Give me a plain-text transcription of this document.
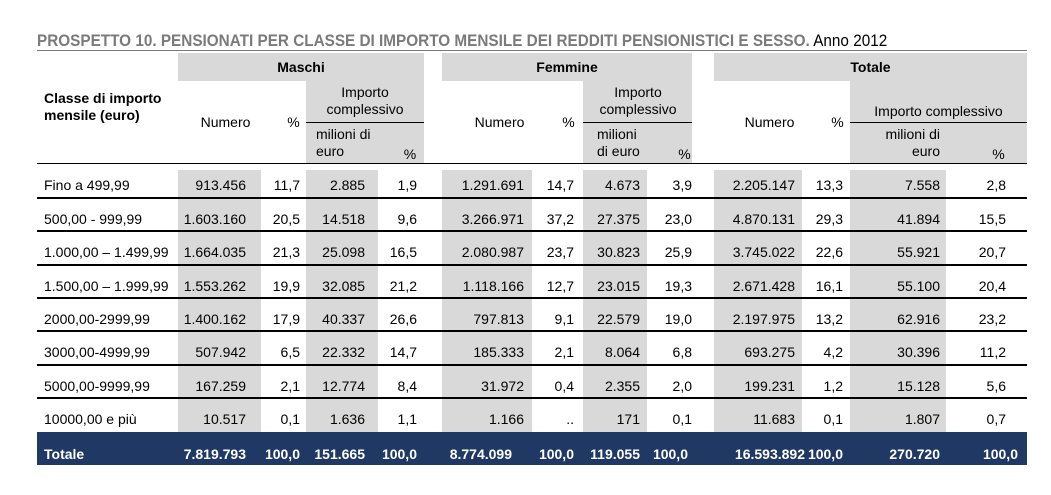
PROSPETTO 10. PENSIONATI PER CLASSE DI IMPORTO MENSILE DEI REDDITI PENSIONISTICI E SESSO. Anno 2012
Maschi	Femmine	Totale
Classe di importo mensile (euro)	Numero	%
Importo complessivo
milioni di euro	%
Numero	%
Importo complessivo
milioni di euro	%
Numero	%
Importo complessivo
milioni di euro	%
Fino a 499,99	913.456	11,7	2.885	1,9	1.291.691	14,7	4.673	3,9	2.205.147	13,3	7.558	2,8
500,00 - 999,99	1.603.160	20,5	14.518	9,6	3.266.971	37,2	27.375	23,0	4.870.131	29,3	41.894	15,5
1.000,00 – 1.499,99	1.664.035	21,3	25.098	16,5	2.080.987	23,7	30.823	25,9	3.745.022	22,6	55.921	20,7
1.500,00 – 1.999,99	1.553.262	19,9	32.085	21,2	1.118.166	12,7	23.015	19,3	2.671.428	16,1	55.100	20,4
2000,00-2999,99	1.400.162	17,9	40.337	26,6	797.813	9,1	22.579	19,0	2.197.975	13,2	62.916	23,2
3000,00-4999,99	507.942	6,5	22.332	14,7	185.333	2,1	8.064	6,8	693.275	4,2	30.396	11,2
5000,00-9999,99	167.259	2,1	12.774	8,4	31.972	0,4	2.355	2,0	199.231	1,2	15.128	5,6
10000,00 e più	10.517	0,1	1.636	1,1	1.166	..	171	0,1	11.683	0,1	1.807	0,7
Totale	7.819.793	100,0	151.665	100,0	8.774.099	100,0	119.055 100,0	16.593.892 100,0	270.720	100,0
